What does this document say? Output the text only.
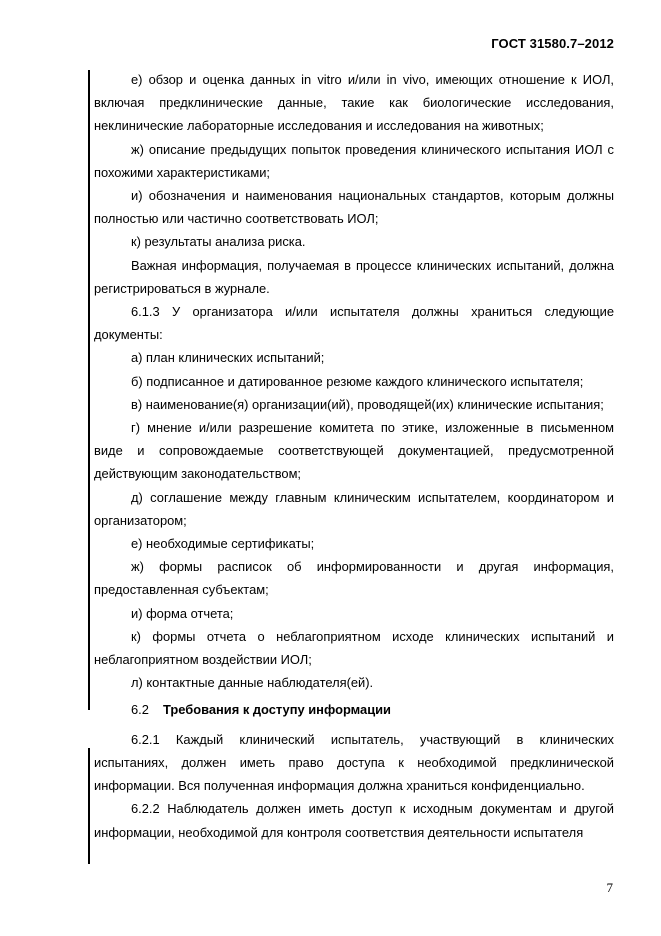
ГОСТ 31580.7–2012

e) обзор и оценка данных in vitro и/или in vivo, имеющих отношение к ИОЛ, включая предклинические данные, такие как биологические исследования, неклинические лабораторные исследования и исследования на животных;

ж) описание предыдущих попыток проведения клинического испытания ИОЛ с похожими характеристиками;

и) обозначения и наименования национальных стандартов, которым должны полностью или частично соответствовать ИОЛ;

к) результаты анализа риска.

Важная информация, получаемая в процессе клинических испытаний, должна регистрироваться в журнале.

6.1.3 У организатора и/или испытателя должны храниться следующие документы:

а) план клинических испытаний;

б) подписанное и датированное резюме каждого клинического испытателя;

в) наименование(я) организации(ий), проводящей(их) клинические испытания;

г) мнение и/или разрешение комитета по этике, изложенные в письменном виде и сопровождаемые соответствующей документацией, предусмотренной действующим законодательством;

д) соглашение между главным клиническим испытателем, координатором и организатором;

е) необходимые сертификаты;

ж) формы расписок об информированности и другая информация, предоставленная субъектам;

и) форма отчета;

к) формы отчета о неблагоприятном исходе клинических испытаний и неблагоприятном воздействии ИОЛ;

л) контактные данные наблюдателя(ей).

6.2 Требования к доступу информации

6.2.1 Каждый клинический испытатель, участвующий в клинических испытаниях, должен иметь право доступа к необходимой предклинической информации. Вся полученная информация должна храниться конфиденциально.

6.2.2 Наблюдатель должен иметь доступ к исходным документам и другой информации, необходимой для контроля соответствия деятельности испытателя

7
